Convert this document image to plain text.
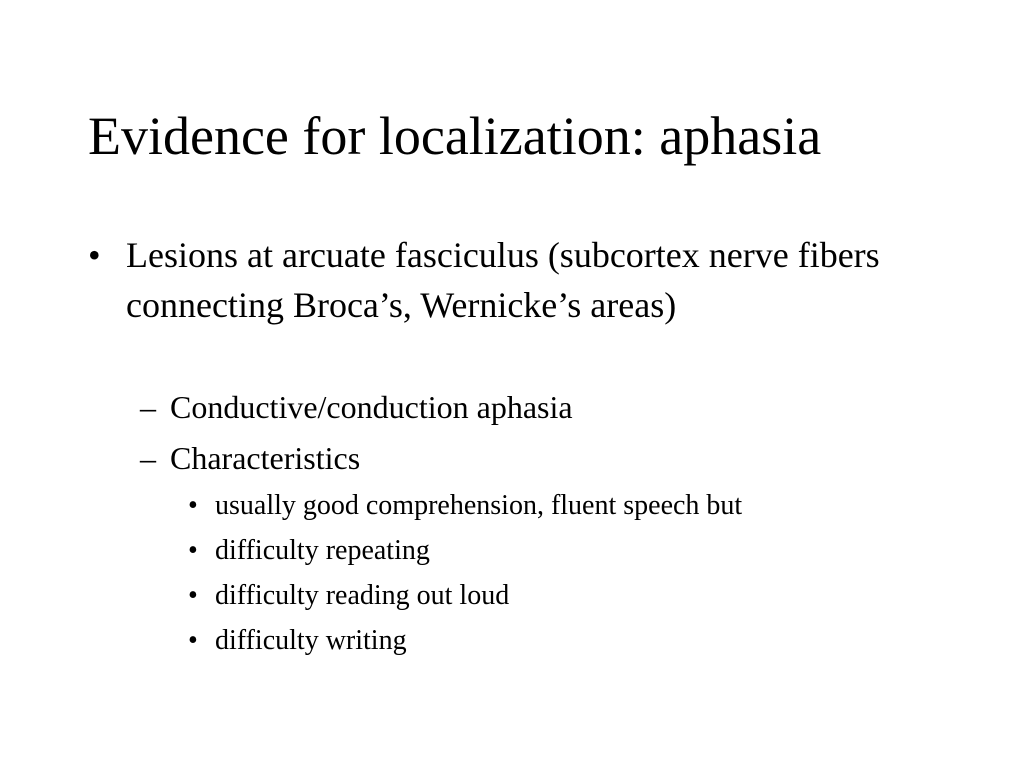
Evidence for localization: aphasia
• Lesions at arcuate fasciculus (subcortex nerve fibers connecting Broca’s, Wernicke’s areas)
– Conductive/conduction aphasia
– Characteristics
• usually good comprehension, fluent speech but
• difficulty repeating
• difficulty reading out loud
• difficulty writing
